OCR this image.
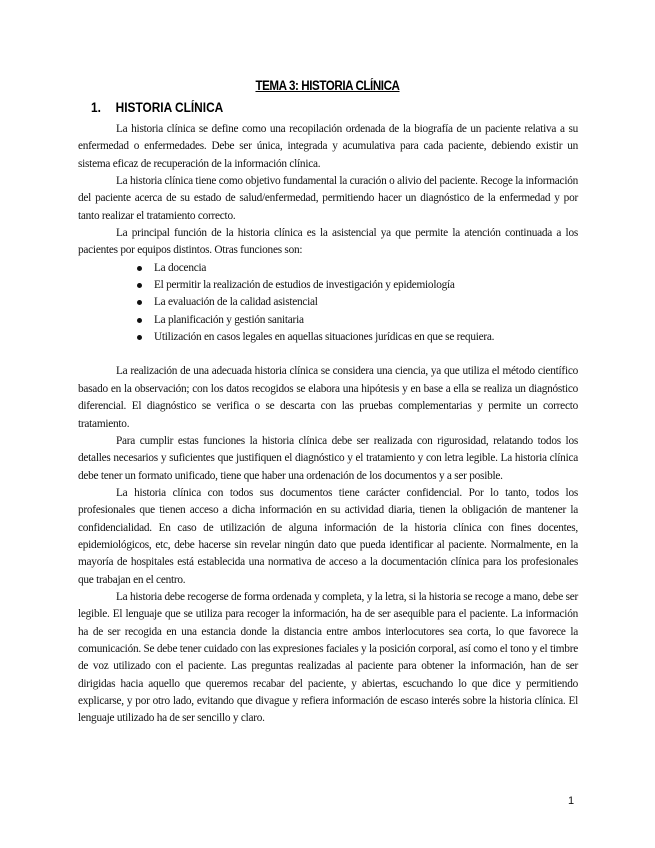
TEMA 3: HISTORIA CLÍNICA
1. HISTORIA CLÍNICA

La historia clínica se define como una recopilación ordenada de la biografía de un paciente relativa a su enfermedad o enfermedades. Debe ser única, integrada y acumulativa para cada paciente, debiendo existir un sistema eficaz de recuperación de la información clínica.

La historia clínica tiene como objetivo fundamental la curación o alivio del paciente. Recoge la información del paciente acerca de su estado de salud/enfermedad, permitiendo hacer un diagnóstico de la enfermedad y por tanto realizar el tratamiento correcto.

La principal función de la historia clínica es la asistencial ya que permite la atención continuada a los pacientes por equipos distintos. Otras funciones son:

La docencia
El permitir la realización de estudios de investigación y epidemiología
La evaluación de la calidad asistencial
La planificación y gestión sanitaria
Utilización en casos legales en aquellas situaciones jurídicas en que se requiera.

La realización de una adecuada historia clínica se considera una ciencia, ya que utiliza el método científico basado en la observación; con los datos recogidos se elabora una hipótesis y en base a ella se realiza un diagnóstico diferencial. El diagnóstico se verifica o se descarta con las pruebas complementarias y permite un correcto tratamiento.

Para cumplir estas funciones la historia clínica debe ser realizada con rigurosidad, relatando todos los detalles necesarios y suficientes que justifiquen el diagnóstico y el tratamiento y con letra legible. La historia clínica debe tener un formato unificado, tiene que haber una ordenación de los documentos y a ser posible.

La historia clínica con todos sus documentos tiene carácter confidencial. Por lo tanto, todos los profesionales que tienen acceso a dicha información en su actividad diaria, tienen la obligación de mantener la confidencialidad. En caso de utilización de alguna información de la historia clínica con fines docentes, epidemiológicos, etc, debe hacerse sin revelar ningún dato que pueda identificar al paciente. Normalmente, en la mayoría de hospitales está establecida una normativa de acceso a la documentación clínica para los profesionales que trabajan en el centro.

La historia debe recogerse de forma ordenada y completa, y la letra, si la historia se recoge a mano, debe ser legible. El lenguaje que se utiliza para recoger la información, ha de ser asequible para el paciente. La información ha de ser recogida en una estancia donde la distancia entre ambos interlocutores sea corta, lo que favorece la comunicación. Se debe tener cuidado con las expresiones faciales y la posición corporal, así como el tono y el timbre de voz utilizado con el paciente. Las preguntas realizadas al paciente para obtener la información, han de ser dirigidas hacia aquello que queremos recabar del paciente, y abiertas, escuchando lo que dice y permitiendo explicarse, y por otro lado, evitando que divague y refiera información de escaso interés sobre la historia clínica. El lenguaje utilizado ha de ser sencillo y claro.

1
